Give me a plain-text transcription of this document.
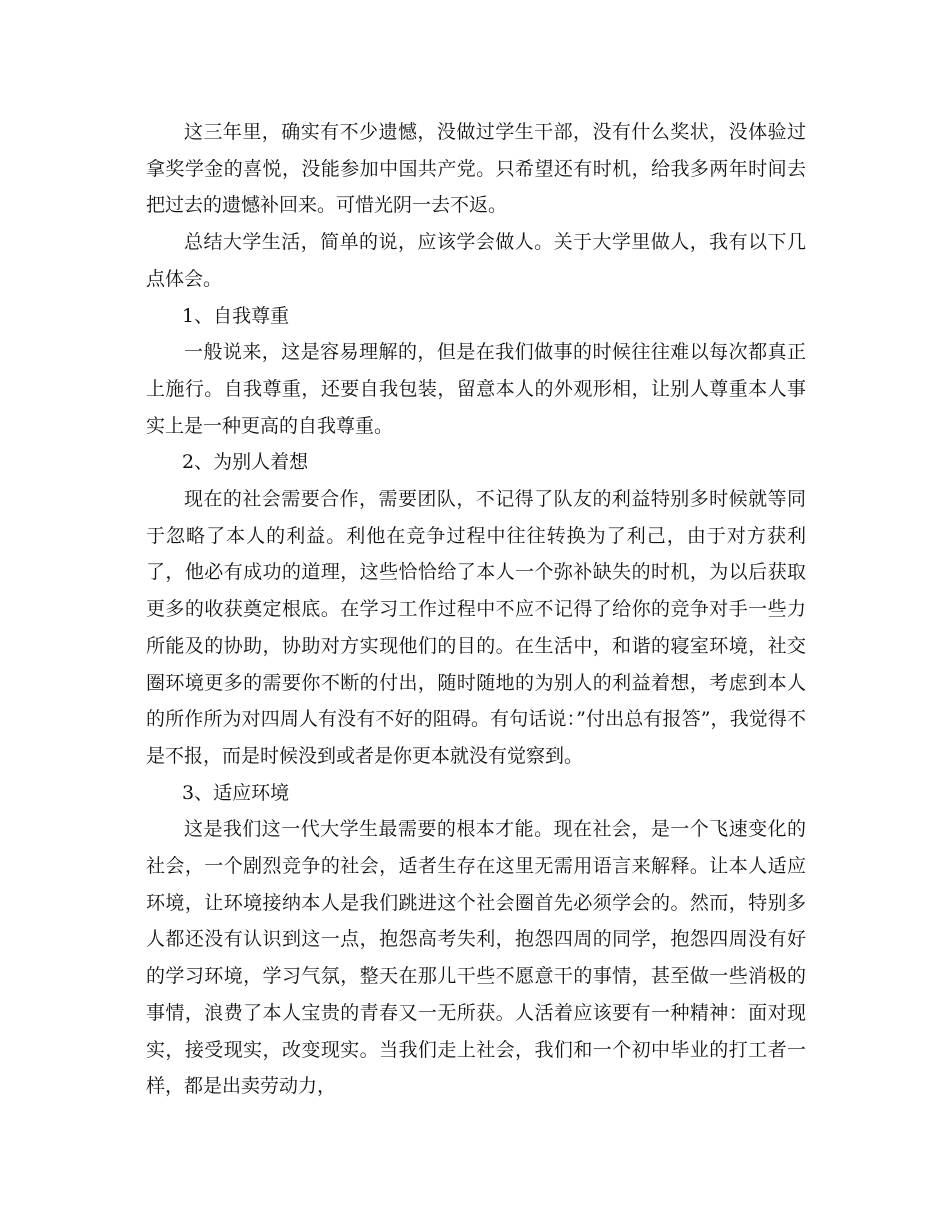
这三年里，确实有不少遗憾，没做过学生干部，没有什么奖状，没体验过拿奖学金的喜悦，没能参加中国共产党。只希望还有时机，给我多两年时间去把过去的遗憾补回来。可惜光阴一去不返。

总结大学生活，简单的说，应该学会做人。关于大学里做人，我有以下几点体会。

1、自我尊重

一般说来，这是容易理解的，但是在我们做事的时候往往难以每次都真正上施行。自我尊重，还要自我包装，留意本人的外观形相，让别人尊重本人事实上是一种更高的自我尊重。

2、为别人着想

现在的社会需要合作，需要团队，不记得了队友的利益特别多时候就等同于忽略了本人的利益。利他在竞争过程中往往转换为了利己，由于对方获利了，他必有成功的道理，这些恰恰给了本人一个弥补缺失的时机，为以后获取更多的收获奠定根底。在学习工作过程中不应不记得了给你的竞争对手一些力所能及的协助，协助对方实现他们的目的。在生活中，和谐的寝室环境，社交圈环境更多的需要你不断的付出，随时随地的为别人的利益着想，考虑到本人的所作所为对四周人有没有不好的阻碍。有句话说：”付出总有报答”，我觉得不是不报，而是时候没到或者是你更本就没有觉察到。

3、适应环境

这是我们这一代大学生最需要的根本才能。现在社会，是一个飞速变化的社会，一个剧烈竞争的社会，适者生存在这里无需用语言来解释。让本人适应环境，让环境接纳本人是我们跳进这个社会圈首先必须学会的。然而，特别多人都还没有认识到这一点，抱怨高考失利，抱怨四周的同学，抱怨四周没有好的学习环境，学习气氛，整天在那儿干些不愿意干的事情，甚至做一些消极的事情，浪费了本人宝贵的青春又一无所获。人活着应该要有一种精神：面对现实，接受现实，改变现实。当我们走上社会，我们和一个初中毕业的打工者一样，都是出卖劳动力，
